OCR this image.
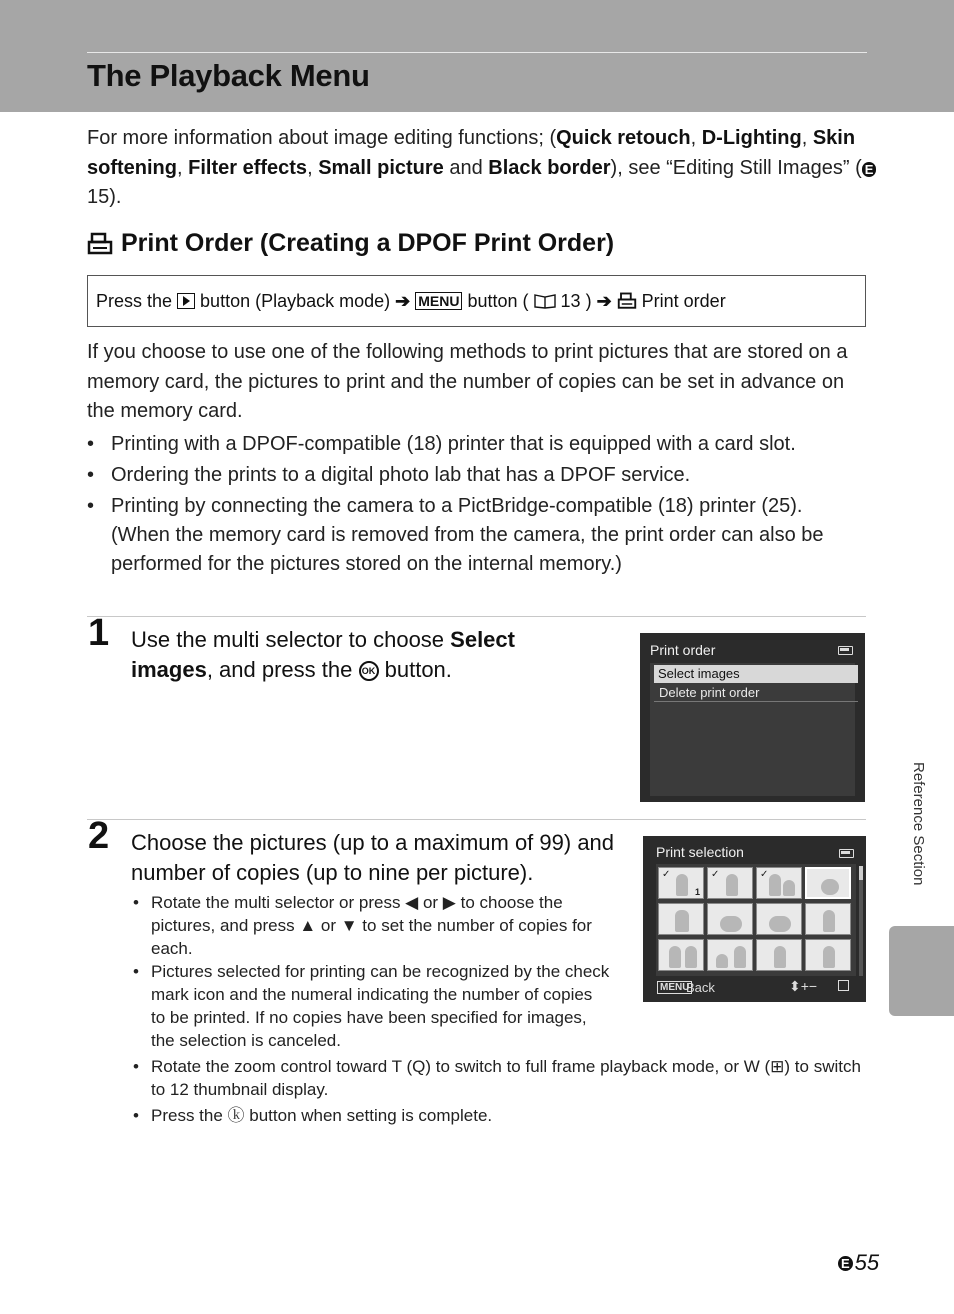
The Playback Menu

For more information about image editing functions; (Quick retouch, D-Lighting, Skin softening, Filter effects, Small picture and Black border), see “Editing Still Images” ( E15).

Print Order (Creating a DPOF Print Order)
Press the button (Playback mode) ➔ MENU button ( 13 ) ➔ Print order

If you choose to use one of the following methods to print pictures that are stored on a memory card, the pictures to print and the number of copies can be set in advance on the memory card.

• Printing with a DPOF-compatible (18) printer that is equipped with a card slot.
• Ordering the prints to a digital photo lab that has a DPOF service.
• Printing by connecting the camera to a PictBridge-compatible (18) printer (25). (When the memory card is removed from the camera, the print order can also be performed for the pictures stored on the internal memory.)
1 Use the multi selector to choose Select images, and press the OK button.

Print order
Select images
Delete print order
2 Choose the pictures (up to a maximum of 99) and number of copies (up to nine per picture).

Print selection
✓
1
✓	✓
MENU
Back	⬍+−
• Rotate the multi selector or press ◀ or ▶ to choose the pictures, and press ▲ or ▼ to set the number of copies for each.
• Pictures selected for printing can be recognized by the check mark icon and the numeral indicating the number of copies to be printed. If no copies have been specified for images, the selection is canceled.
• Rotate the zoom control toward T (Q) to switch to full frame playback mode, or W (⊞) to switch to 12 thumbnail display.
• Press the ⓚ button when setting is complete.
Reference Section
E 55
